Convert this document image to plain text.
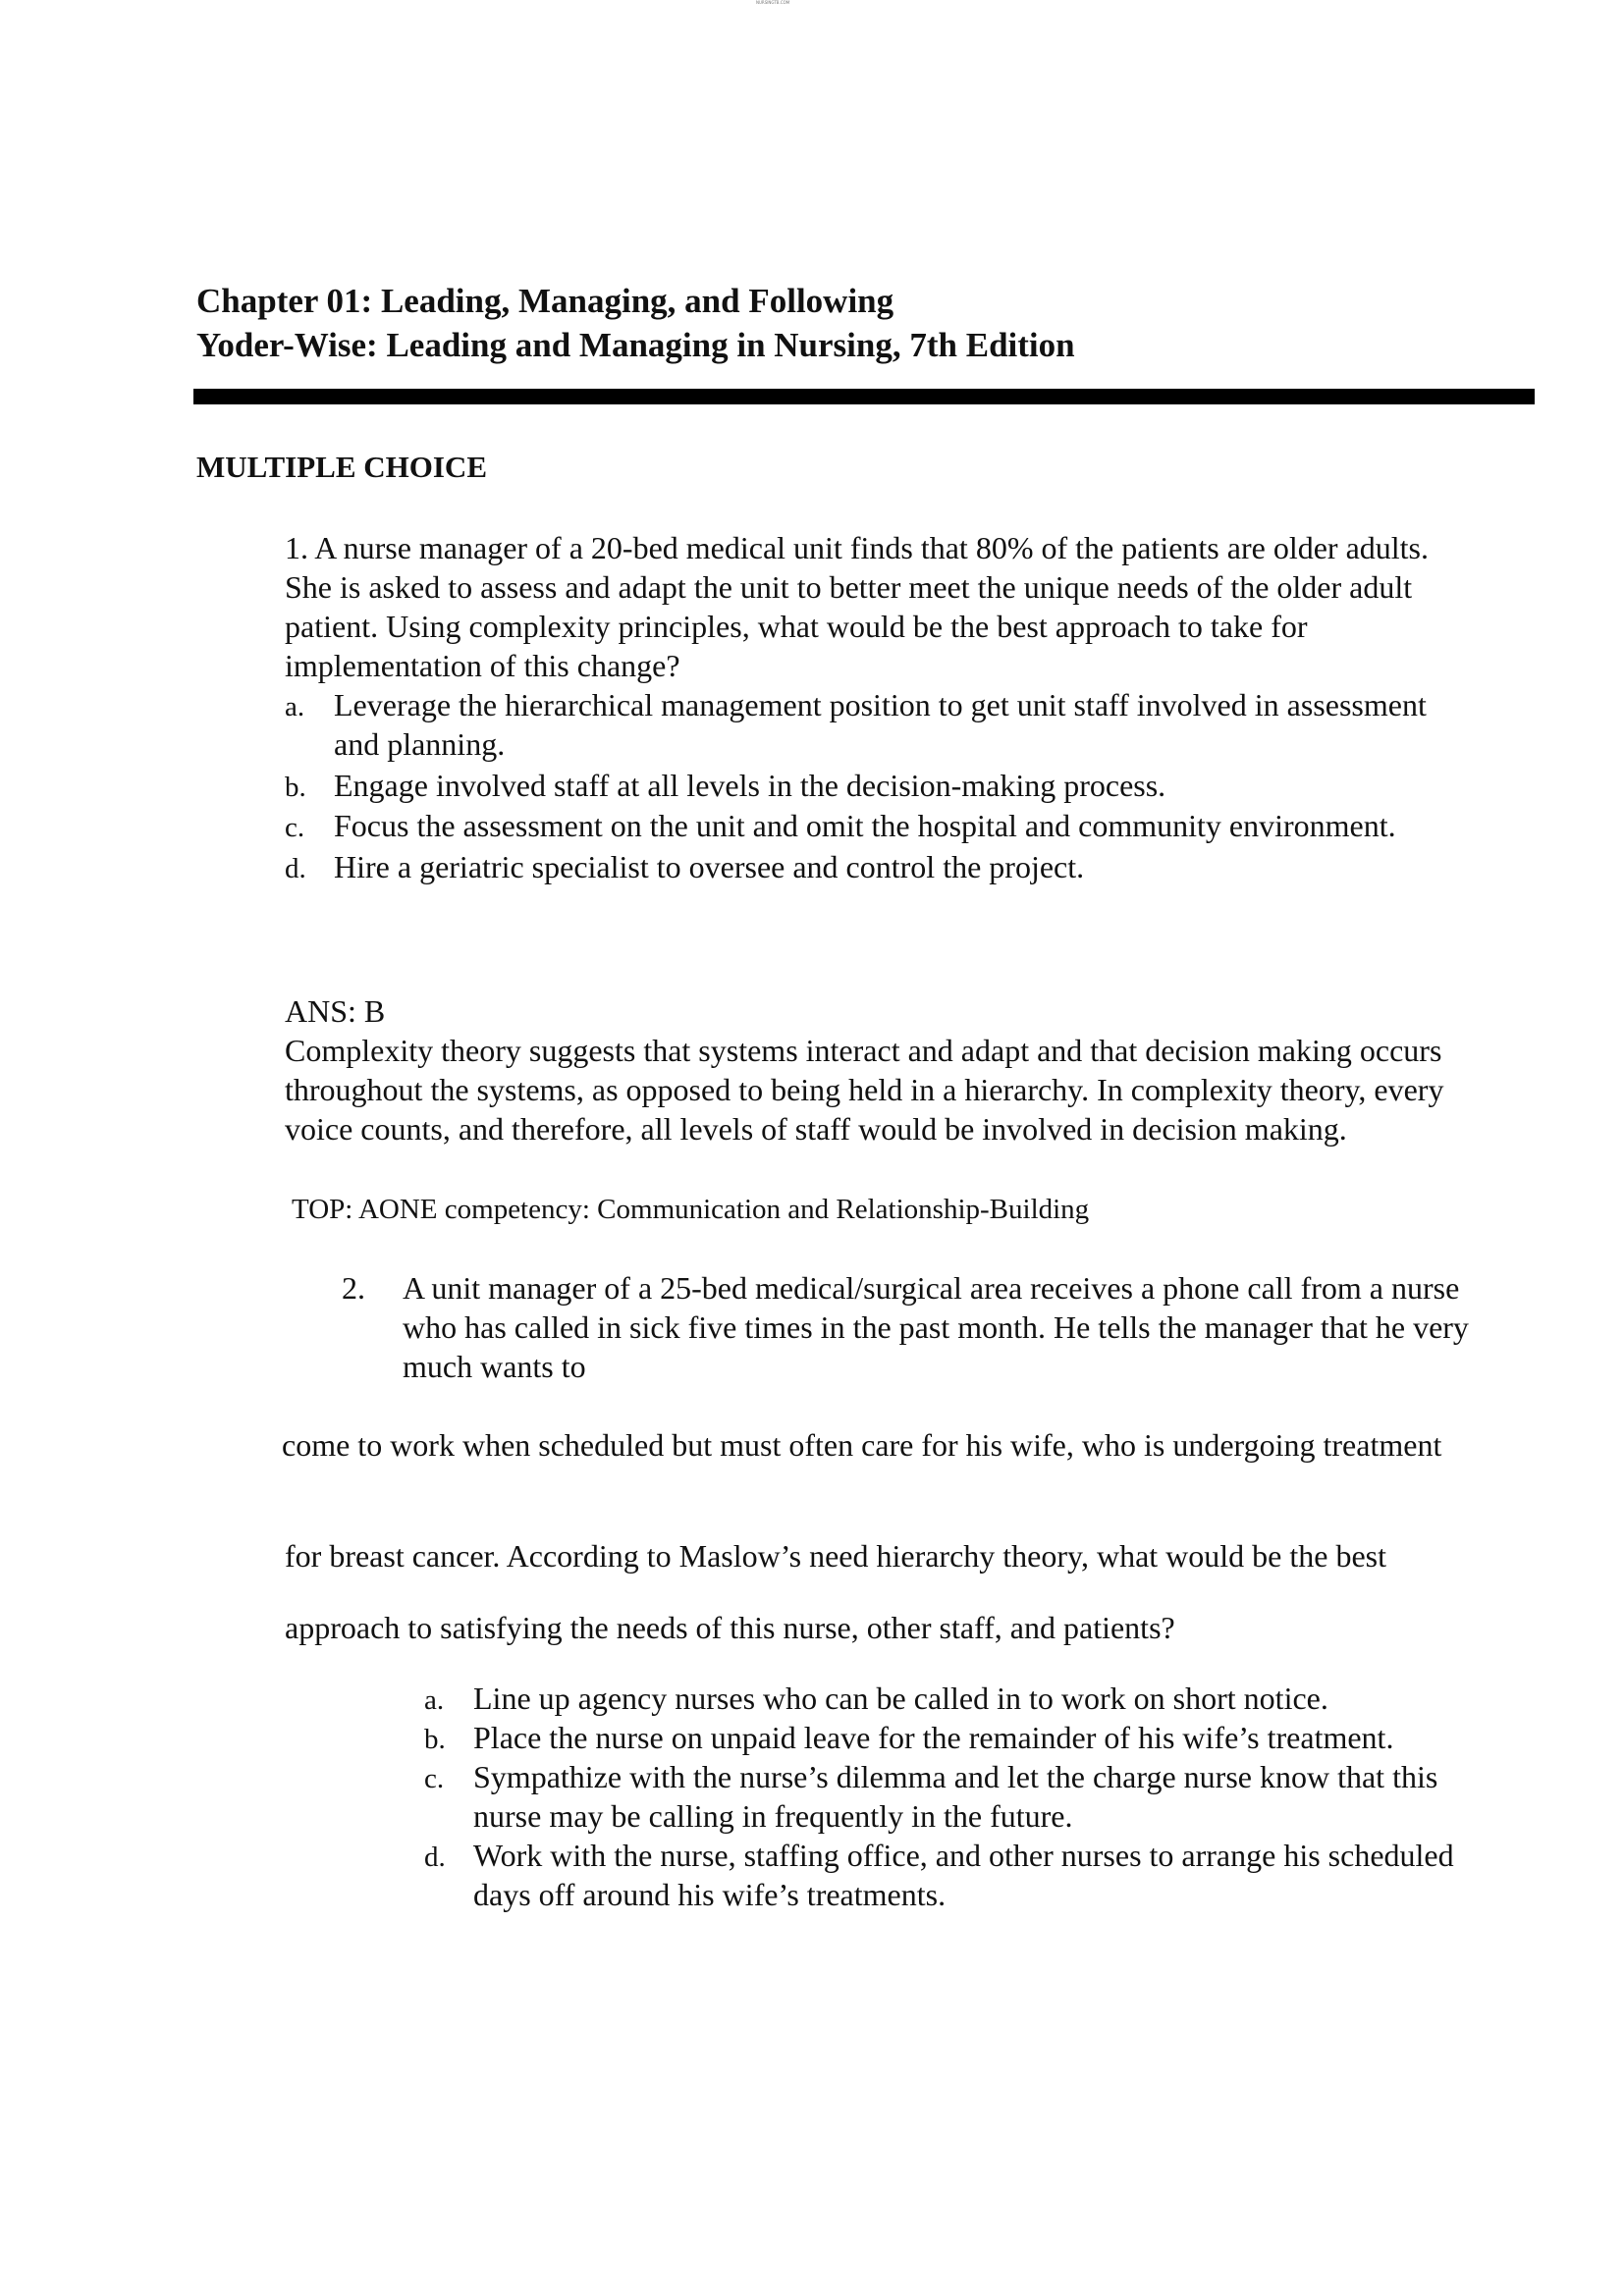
NURSINGTB.COM
Chapter 01: Leading, Managing, and Following
Yoder-Wise: Leading and Managing in Nursing, 7th Edition
MULTIPLE CHOICE
1. A nurse manager of a 20-bed medical unit finds that 80% of the patients are older adults.
She is asked to assess and adapt the unit to better meet the unique needs of the older adult
patient. Using complexity principles, what would be the best approach to take for
implementation of this change?
a. Leverage the hierarchical management position to get unit staff involved in assessment
and planning.
b. Engage involved staff at all levels in the decision-making process.
c. Focus the assessment on the unit and omit the hospital and community environment.
d. Hire a geriatric specialist to oversee and control the project.
ANS: B
Complexity theory suggests that systems interact and adapt and that decision making occurs
throughout the systems, as opposed to being held in a hierarchy. In complexity theory, every
voice counts, and therefore, all levels of staff would be involved in decision making.
TOP: AONE competency: Communication and Relationship-Building
2. A unit manager of a 25-bed medical/surgical area receives a phone call from a nurse
who has called in sick five times in the past month. He tells the manager that he very
much wants to
come to work when scheduled but must often care for his wife, who is undergoing treatment
for breast cancer. According to Maslow’s need hierarchy theory, what would be the best
approach to satisfying the needs of this nurse, other staff, and patients?
a. Line up agency nurses who can be called in to work on short notice.
b. Place the nurse on unpaid leave for the remainder of his wife’s treatment.
c. Sympathize with the nurse’s dilemma and let the charge nurse know that this
nurse may be calling in frequently in the future.
d. Work with the nurse, staffing office, and other nurses to arrange his scheduled
days off around his wife’s treatments.
